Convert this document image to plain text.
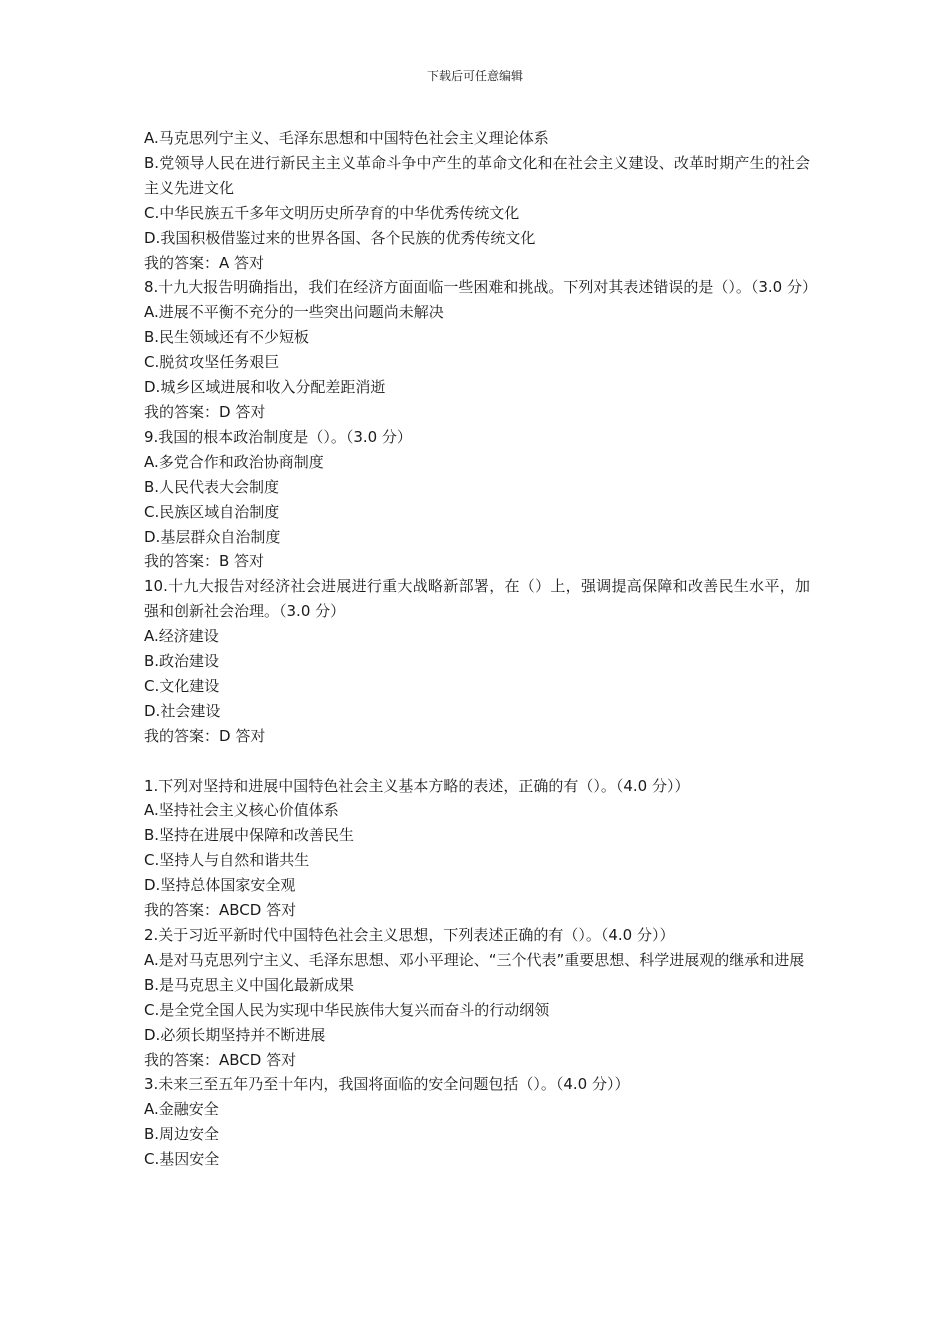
下载后可任意编辑
A.马克思列宁主义、毛泽东思想和中国特色社会主义理论体系
B.党领导人民在进行新民主主义革命斗争中产生的革命文化和在社会主义建设、改革时期产生的社会主义先进文化
C.中华民族五千多年文明历史所孕育的中华优秀传统文化
D.我国积极借鉴过来的世界各国、各个民族的优秀传统文化
我的答案：A 答对
8.十九大报告明确指出，我们在经济方面面临一些困难和挑战。下列对其表述错误的是（）。（3.0 分）
A.进展不平衡不充分的一些突出问题尚未解决
B.民生领域还有不少短板
C.脱贫攻坚任务艰巨
D.城乡区域进展和收入分配差距消逝
我的答案：D 答对
9.我国的根本政治制度是（）。（3.0 分）
A.多党合作和政治协商制度
B.人民代表大会制度
C.民族区域自治制度
D.基层群众自治制度
我的答案：B 答对
10.十九大报告对经济社会进展进行重大战略新部署，在（）上，强调提高保障和改善民生水平，加强和创新社会治理。（3.0 分）
A.经济建设
B.政治建设
C.文化建设
D.社会建设
我的答案：D 答对
1.下列对坚持和进展中国特色社会主义基本方略的表述，正确的有（）。（4.0 分））
A.坚持社会主义核心价值体系
B.坚持在进展中保障和改善民生
C.坚持人与自然和谐共生
D.坚持总体国家安全观
我的答案：ABCD 答对
2.关于习近平新时代中国特色社会主义思想，下列表述正确的有（）。（4.0 分））
A.是对马克思列宁主义、毛泽东思想、邓小平理论、“三个代表”重要思想、科学进展观的继承和进展
B.是马克思主义中国化最新成果
C.是全党全国人民为实现中华民族伟大复兴而奋斗的行动纲领
D.必须长期坚持并不断进展
我的答案：ABCD 答对
3.未来三至五年乃至十年内，我国将面临的安全问题包括（）。（4.0 分））
A.金融安全
B.周边安全
C.基因安全
